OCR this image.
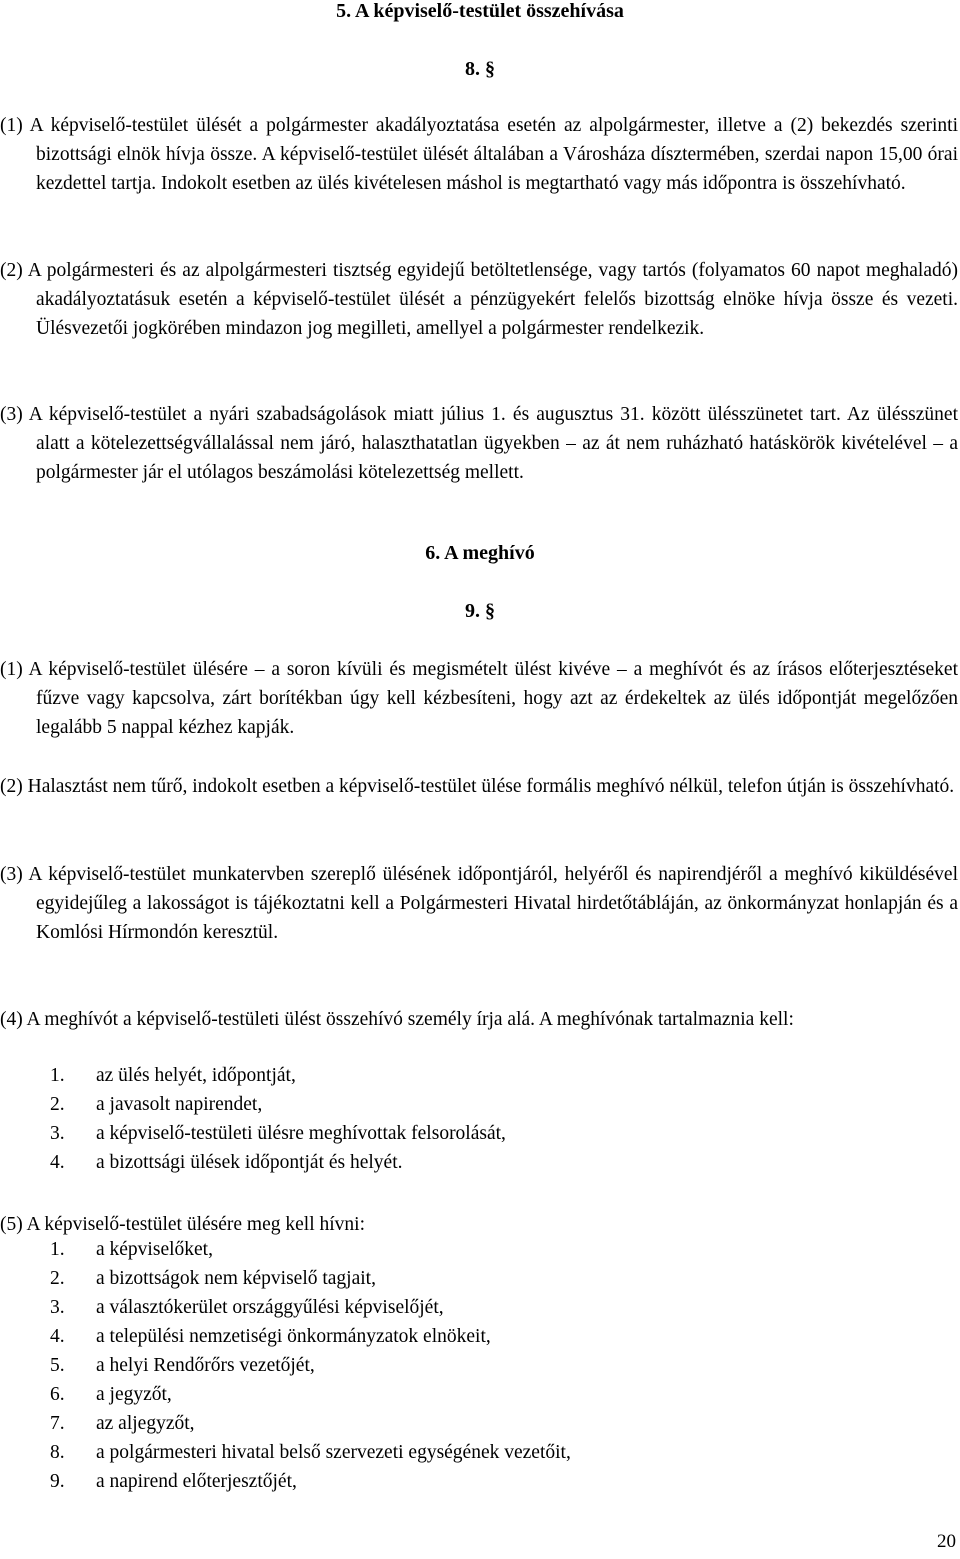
5. A képviselő-testület összehívása
8. §
(1) A képviselő-testület ülését a polgármester akadályoztatása esetén az alpolgármester, illetve a (2) bekezdés szerinti bizottsági elnök hívja össze. A képviselő-testület ülését általában a Városháza dísztermében, szerdai napon 15,00 órai kezdettel tartja. Indokolt esetben az ülés kivételesen máshol is megtartható vagy más időpontra is összehívható.
(2) A polgármesteri és az alpolgármesteri tisztség egyidejű betöltetlensége, vagy tartós (folyamatos 60 napot meghaladó) akadályoztatásuk esetén a képviselő-testület ülését a pénzügyekért felelős bizottság elnöke hívja össze és vezeti. Ülésvezetői jogkörében mindazon jog megilleti, amellyel a polgármester rendelkezik.
(3) A képviselő-testület a nyári szabadságolások miatt július 1. és augusztus 31. között ülésszünetet tart. Az ülésszünet alatt a kötelezettségvállalással nem járó, halaszthatatlan ügyekben – az át nem ruházható hatáskörök kivételével – a polgármester jár el utólagos beszámolási kötelezettség mellett.
6. A meghívó
9. §
(1) A képviselő-testület ülésére – a soron kívüli és megismételt ülést kivéve – a meghívót és az írásos előterjesztéseket fűzve vagy kapcsolva, zárt borítékban úgy kell kézbesíteni, hogy azt az érdekeltek az ülés időpontját megelőzően legalább 5 nappal kézhez kapják.
(2) Halasztást nem tűrő, indokolt esetben a képviselő-testület ülése formális meghívó nélkül, telefon útján is összehívható.
(3) A képviselő-testület munkatervben szereplő ülésének időpontjáról, helyéről és napirendjéről a meghívó kiküldésével egyidejűleg a lakosságot is tájékoztatni kell a Polgármesteri Hivatal hirdetőtábláján, az önkormányzat honlapján és a Komlósi Hírmondón keresztül.
(4) A meghívót a képviselő-testületi ülést összehívó személy írja alá. A meghívónak tartalmaznia kell:
1.	az ülés helyét, időpontját,
2.	a javasolt napirendet,
3.	a képviselő-testületi ülésre meghívottak felsorolását,
4.	a bizottsági ülések időpontját és helyét.
(5) A képviselő-testület ülésére meg kell hívni:
1.	a képviselőket,
2.	a bizottságok nem képviselő tagjait,
3.	a választókerület országgyűlési képviselőjét,
4.	a települési nemzetiségi önkormányzatok elnökeit,
5.	a helyi Rendőrőrs vezetőjét,
6.	a jegyzőt,
7.	az aljegyzőt,
8.	a polgármesteri hivatal belső szervezeti egységének vezetőit,
9.	a napirend előterjesztőjét,
20
